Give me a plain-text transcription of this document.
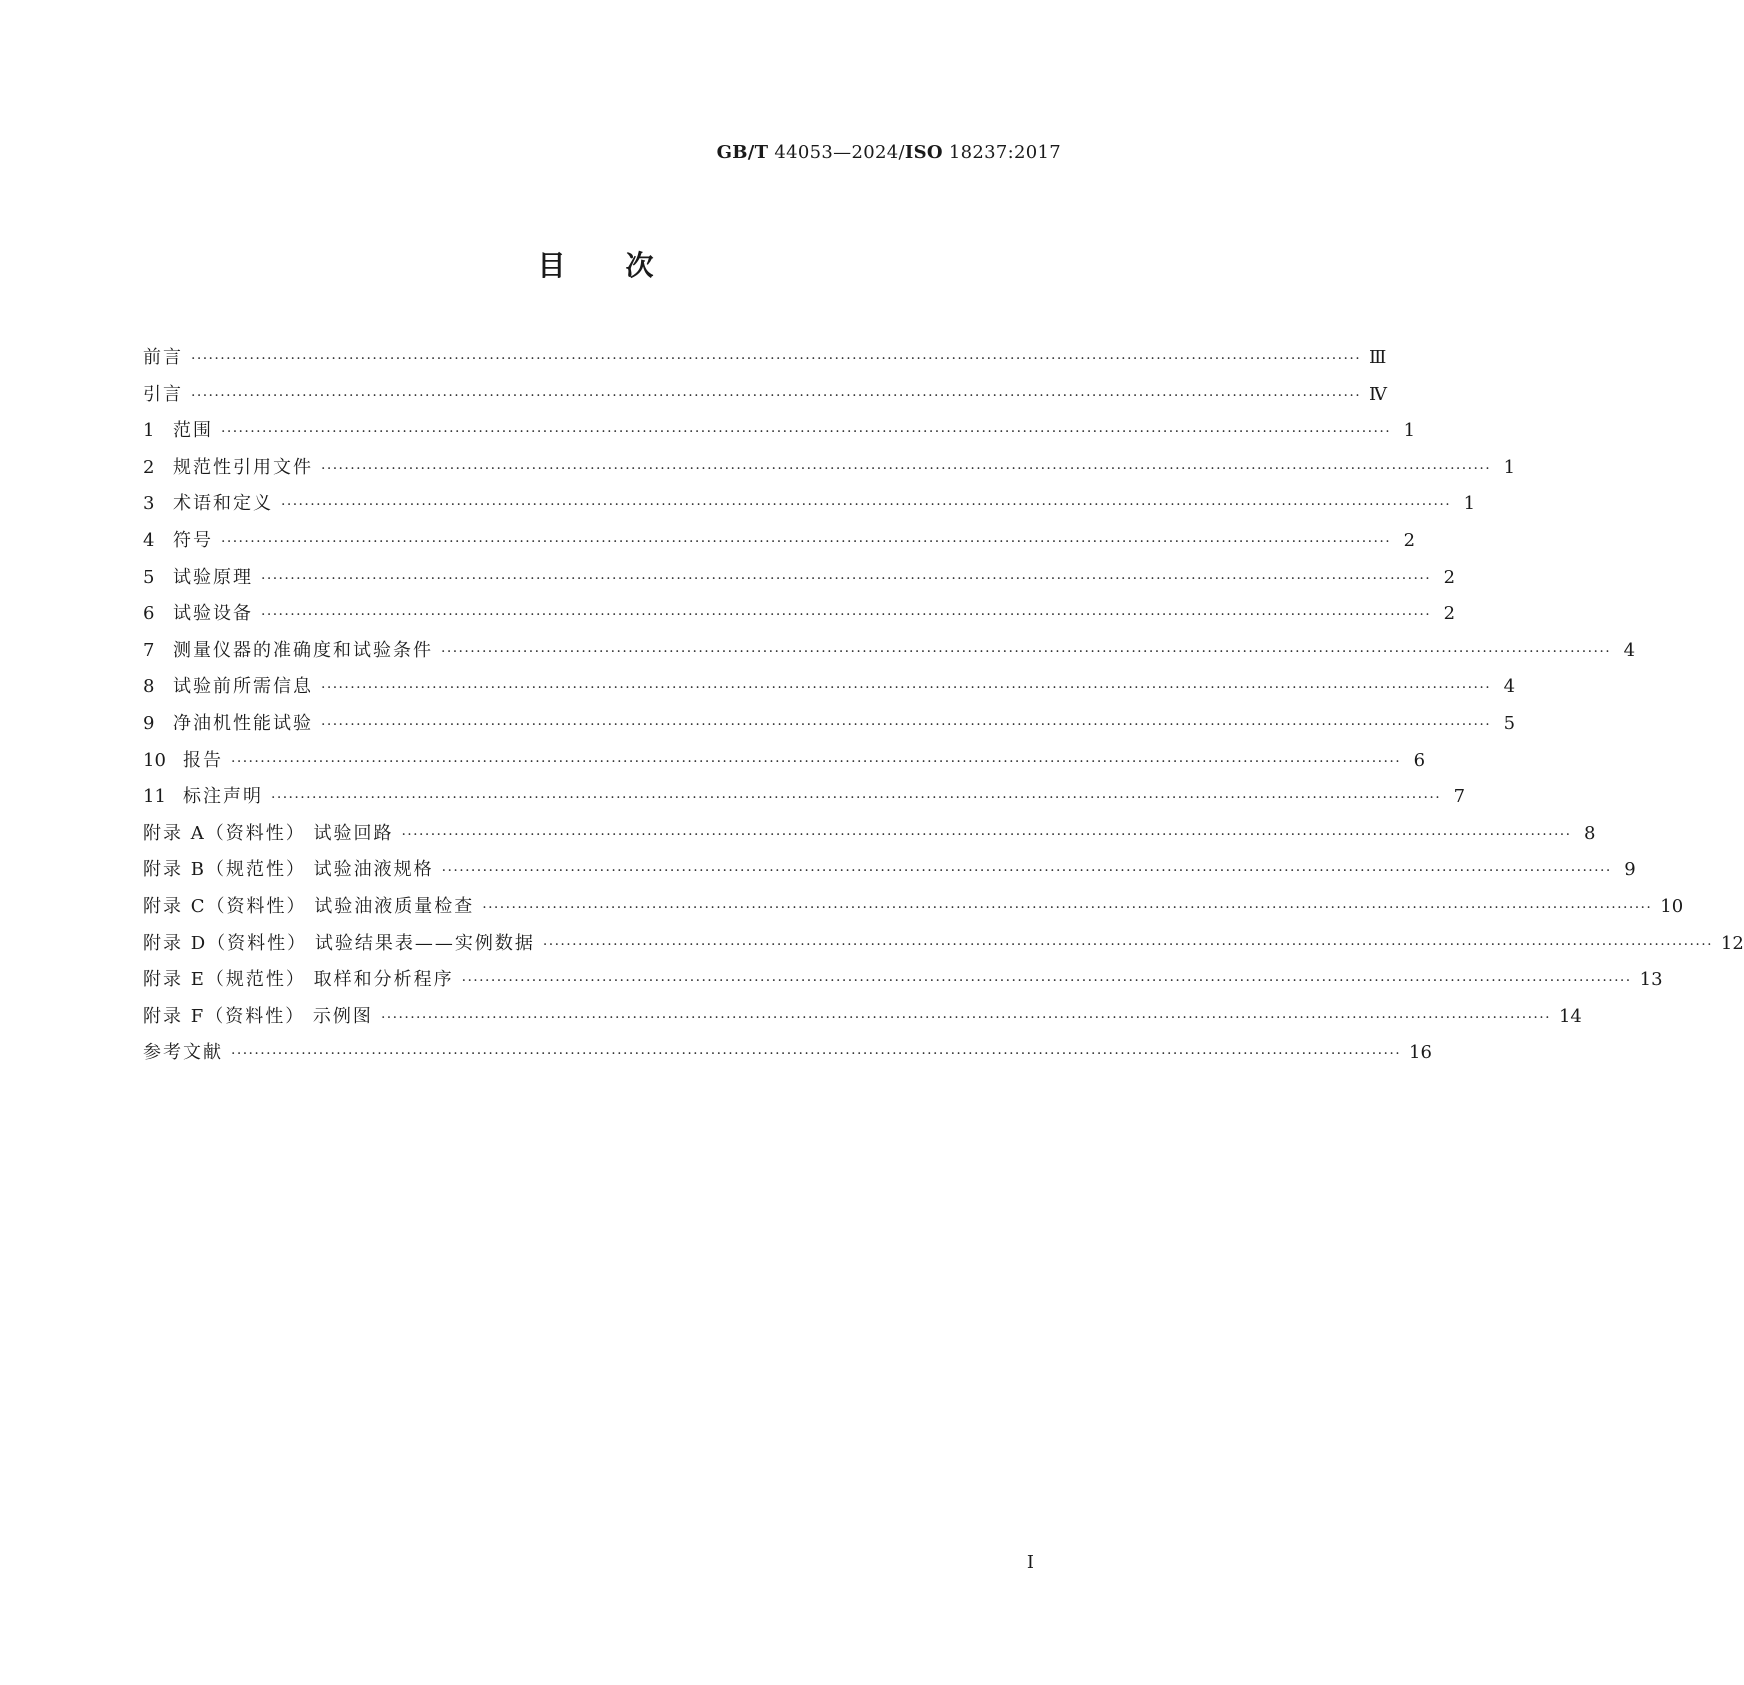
GB/T 44053—2024/ISO 18237:2017
目次
前言 ········································································································································································································ Ⅲ
引言 ········································································································································································································ Ⅳ
1 范围 ········································································································································································································ 1
2 规范性引用文件 ········································································································································································································ 1
3 术语和定义 ········································································································································································································ 1
4 符号 ········································································································································································································ 2
5 试验原理 ········································································································································································································ 2
6 试验设备 ········································································································································································································ 2
7 测量仪器的准确度和试验条件 ········································································································································································································ 4
8 试验前所需信息 ········································································································································································································ 4
9 净油机性能试验 ········································································································································································································ 5
10 报告 ········································································································································································································ 6
11 标注声明 ········································································································································································································ 7
附录 A（资料性） 试验回路 ········································································································································································································ 8
附录 B（规范性） 试验油液规格 ········································································································································································································ 9
附录 C（资料性） 试验油液质量检查 ········································································································································································································ 10
附录 D（资料性） 试验结果表——实例数据 ········································································································································································································ 12
附录 E（规范性） 取样和分析程序 ········································································································································································································ 13
附录 F（资料性） 示例图 ········································································································································································································ 14
参考文献 ········································································································································································································ 16
I
